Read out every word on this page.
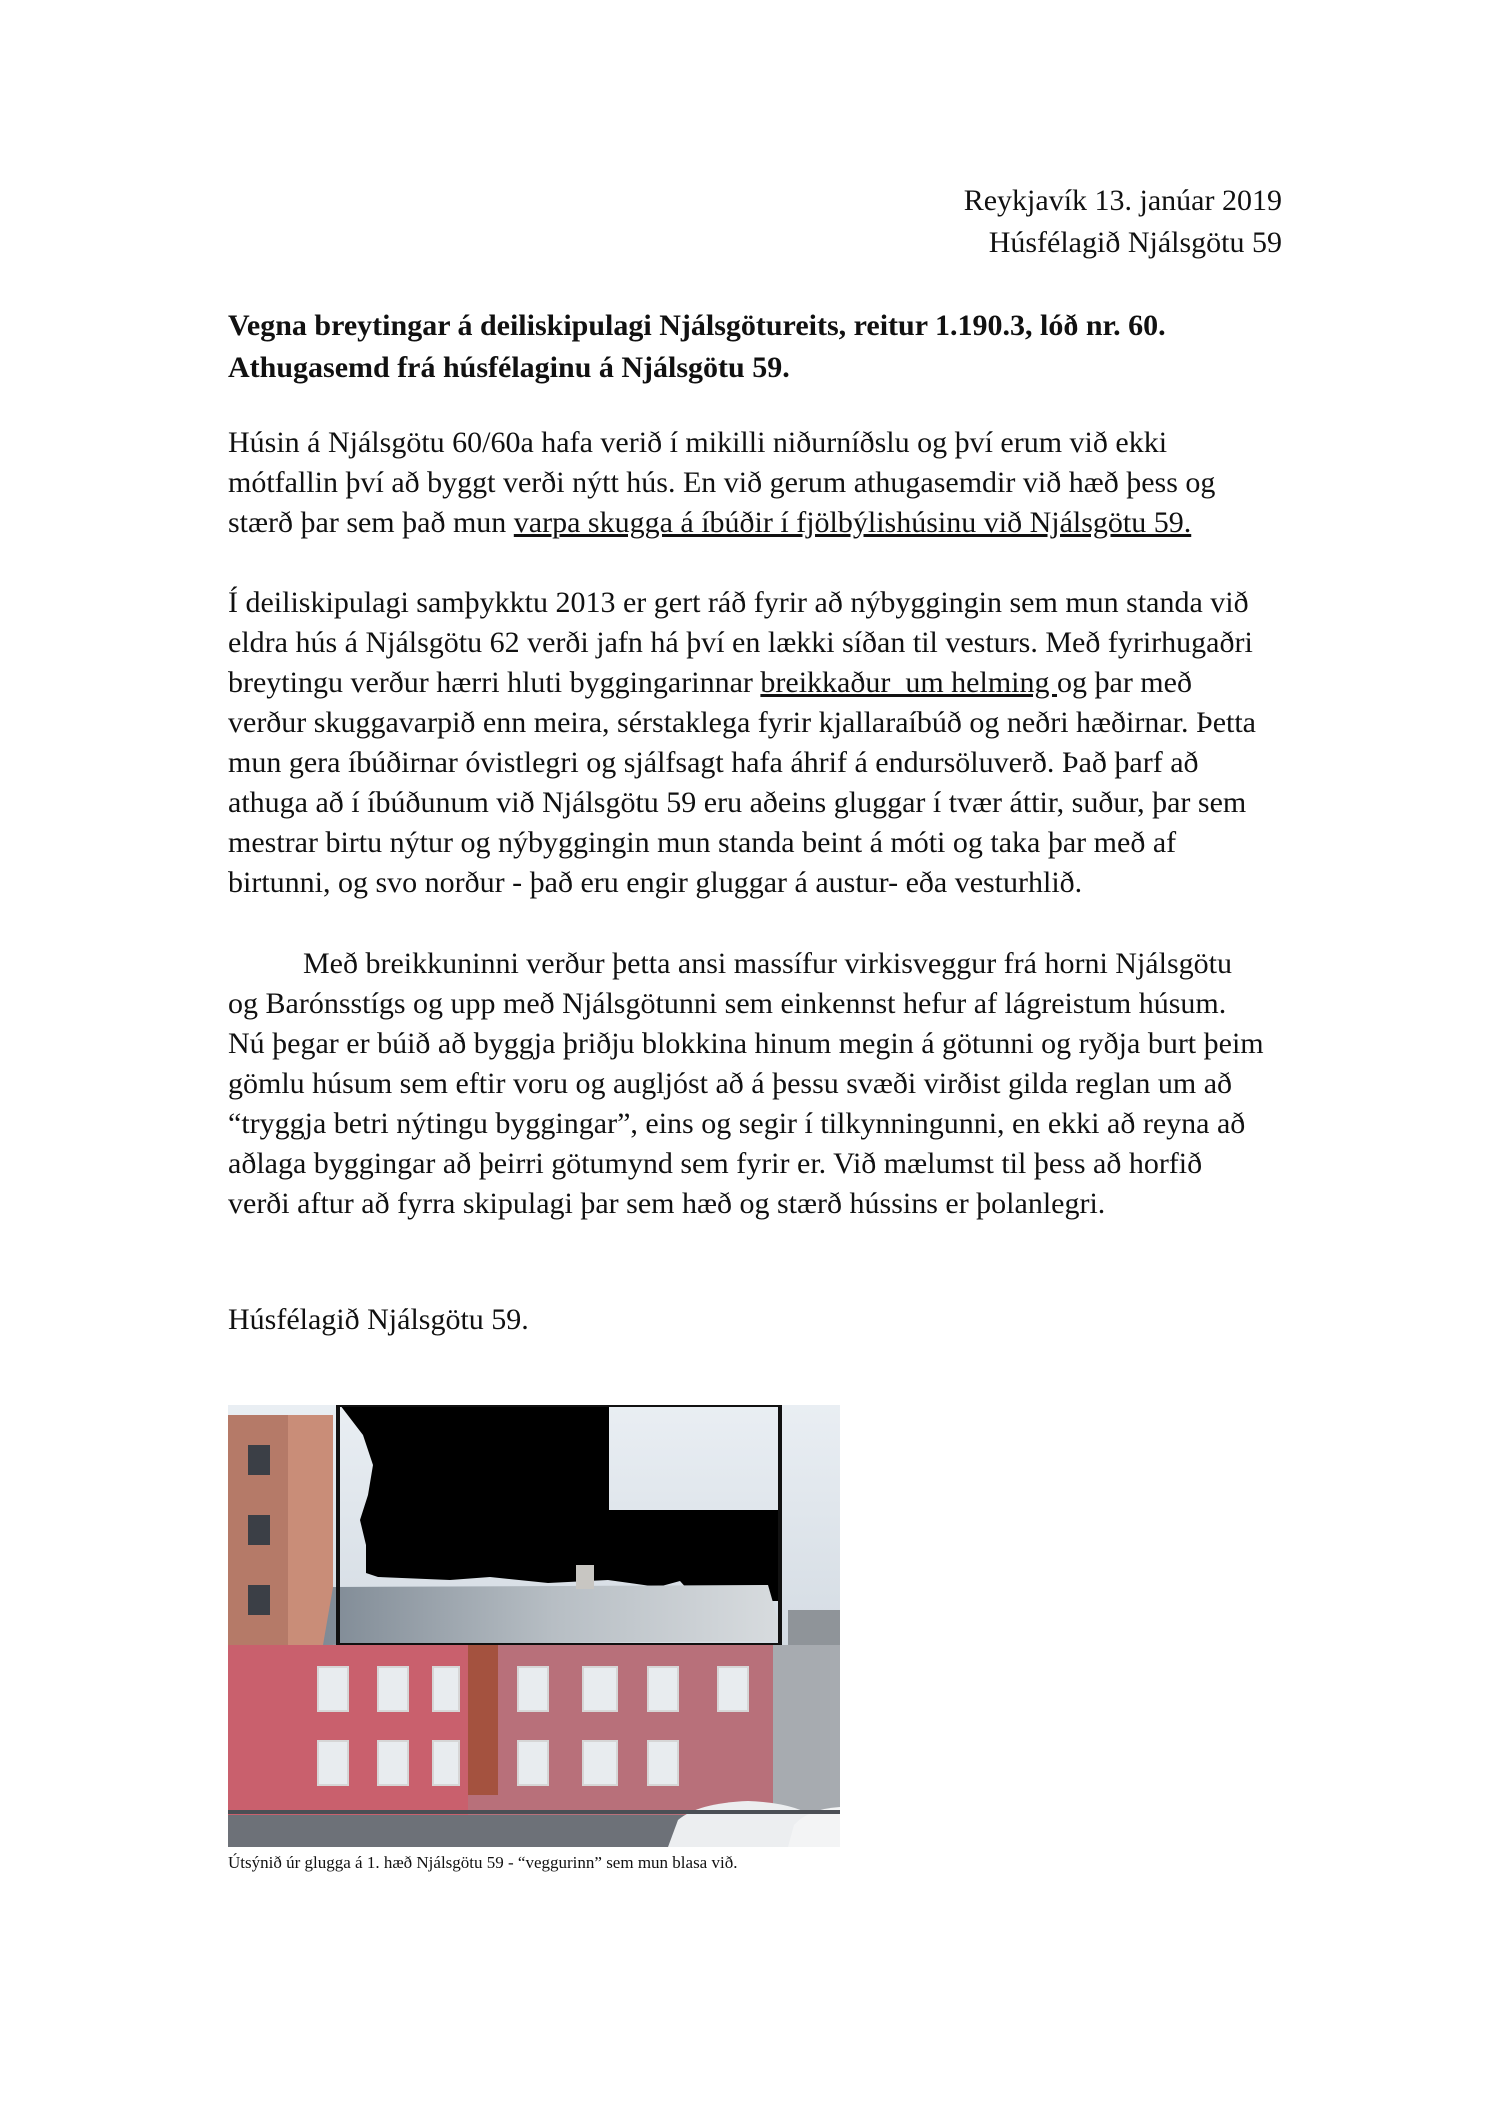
Reykjavík 13. janúar 2019
Húsfélagið Njálsgötu 59
Vegna breytingar á deiliskipulagi Njálsgötureits, reitur 1.190.3, lóð nr. 60.
Athugasemd frá húsfélaginu á Njálsgötu 59.
Húsin á Njálsgötu 60/60a hafa verið í mikilli niðurníðslu og því erum við ekki
mótfallin því að byggt verði nýtt hús. En við gerum athugasemdir við hæð þess og
stærð þar sem það mun varpa skugga á íbúðir í fjölbýlishúsinu við Njálsgötu 59.
Í deiliskipulagi samþykktu 2013 er gert ráð fyrir að nýbyggingin sem mun standa við
eldra hús á Njálsgötu 62 verði jafn há því en lækki síðan til vesturs. Með fyrirhugaðri
breytingu verður hærri hluti byggingarinnar breikkaður  um helming og þar með
verður skuggavarpið enn meira, sérstaklega fyrir kjallaraíbúð og neðri hæðirnar. Þetta
mun gera íbúðirnar óvistlegri og sjálfsagt hafa áhrif á endursöluverð. Það þarf að
athuga að í íbúðunum við Njálsgötu 59 eru aðeins gluggar í tvær áttir, suður, þar sem
mestrar birtu nýtur og nýbyggingin mun standa beint á móti og taka þar með af
birtunni, og svo norður - það eru engir gluggar á austur- eða vesturhlið.
Með breikkuninni verður þetta ansi massífur virkisveggur frá horni Njálsgötu
og Barónsstígs og upp með Njálsgötunni sem einkennst hefur af lágreistum húsum.
Nú þegar er búið að byggja þriðju blokkina hinum megin á götunni og ryðja burt þeim
gömlu húsum sem eftir voru og augljóst að á þessu svæði virðist gilda reglan um að
“tryggja betri nýtingu byggingar”, eins og segir í tilkynningunni, en ekki að reyna að
aðlaga byggingar að þeirri götumynd sem fyrir er. Við mælumst til þess að horfið
verði aftur að fyrra skipulagi þar sem hæð og stærð hússins er þolanlegri.
Húsfélagið Njálsgötu 59.
Útsýnið úr glugga á 1. hæð Njálsgötu 59 - “veggurinn” sem mun blasa við.
